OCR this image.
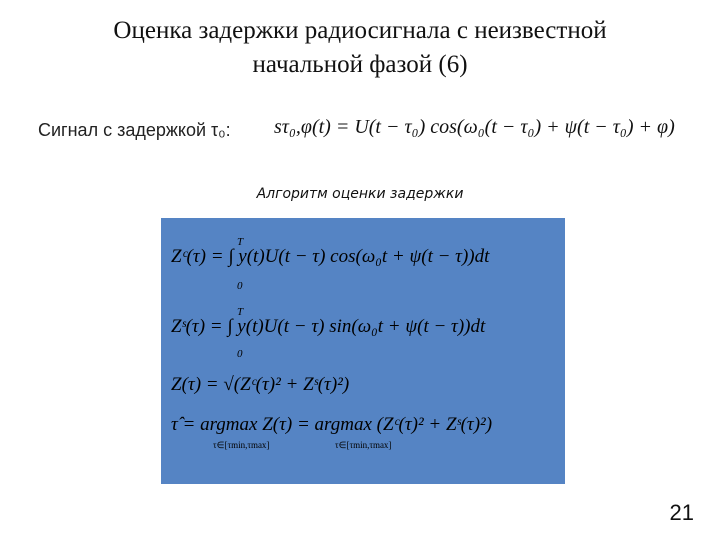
Оценка задержки радиосигнала с неизвестной
начальной фазой (6)
Сигнал с задержкой τ₀: sτ₀,φ(t) = U(t − τ₀) cos(ω₀(t − τ₀) + ψ(t − τ₀) + φ)
Алгоритм оценки задержки
Zᶜ(τ) = ∫ y(t)U(t − τ) cos(ω₀t + ψ(t − τ))dt
T
0
Zˢ(τ) = ∫ y(t)U(t − τ) sin(ω₀t + ψ(t − τ))dt
T
0
Z(τ) = √(Zᶜ(τ)² + Zˢ(τ)²)
τ̂ = argmax Z(τ) = argmax (Zᶜ(τ)² + Zˢ(τ)²)
τ∈[τmin,τmax]	τ∈[τmin,τmax]
21
